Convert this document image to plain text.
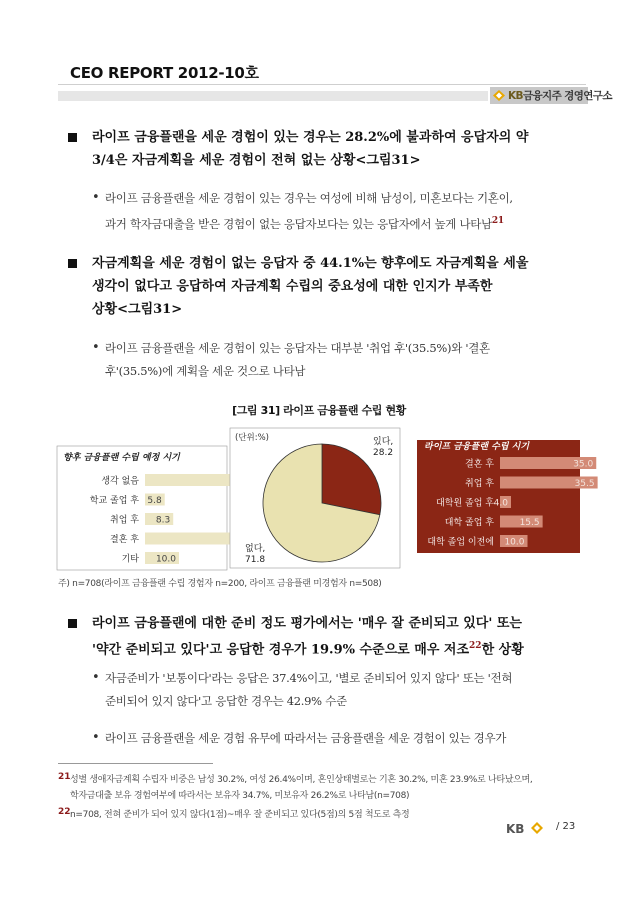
CEO REPORT 2012-10호
KB금융지주 경영연구소
라이프 금융플랜을 세운 경험이 있는 경우는 28.2%에 불과하여 응답자의 약
3/4은 자금계획을 세운 경험이 전혀 없는 상황<그림31>
• 라이프 금융플랜을 세운 경험이 있는 경우는 여성에 비해 남성이, 미혼보다는 기혼이,
과거 학자금대출을 받은 경험이 없는 응답자보다는 있는 응답자에서 높게 나타남$^{21}$
자금계획을 세운 경험이 없는 응답자 중 44.1%는 향후에도 자금계획을 세울
생각이 없다고 응답하여 자금계획 수립의 중요성에 대한 인지가 부족한
상황<그림31>
• 라이프 금융플랜을 세운 경험이 있는 응답자는 대부분 '취업 후'(35.5%)와 '결혼
후'(35.5%)에 계획을 세운 것으로 나타남
[그림 31] 라이프 금융플랜 수립 현황
향후 금융플랜 수립 예정 시기
생각 없음
학교 졸업 후 5.8
취업 후 8.3
결혼 후
기타 10.0
(단위:%)	있다,
28.2
없다,
71.8
라이프 금융플랜 수립 시기
결혼 후	35.0
취업 후	35.5
대학원 졸업 후 4.0
대학 졸업 후	15.5
대학 졸업 이전에 10.0
주) n=708(라이프 금융플랜 수립 경험자 n=200, 라이프 금융플랜 미경험자 n=508)
라이프 금융플랜에 대한 준비 정도 평가에서는 '매우 잘 준비되고 있다' 또는
'약간 준비되고 있다'고 응답한 경우가 19.9% 수준으로 매우 저조$^{22}$한 상황
• 자금준비가 '보통이다'라는 응답은 37.4%이고, '별로 준비되어 있지 않다' 또는 '전혀
준비되어 있지 않다'고 응답한 경우는 42.9% 수준
• 라이프 금융플랜을 세운 경험 유무에 따라서는 금융플랜을 세운 경험이 있는 경우가
21 성별 생애자금계획 수립자 비중은 남성 30.2%, 여성 26.4%이며, 혼인상태별로는 기혼 30.2%, 미혼 23.9%로 나타났으며,
학자금대출 보유 경험여부에 따라서는 보유자 34.7%, 미보유자 26.2%로 나타남(n=708)
22 n=708, 전혀 준비가 되어 있지 않다(1점)~매우 잘 준비되고 있다(5점)의 5점 척도로 측정
KB	/ 23
